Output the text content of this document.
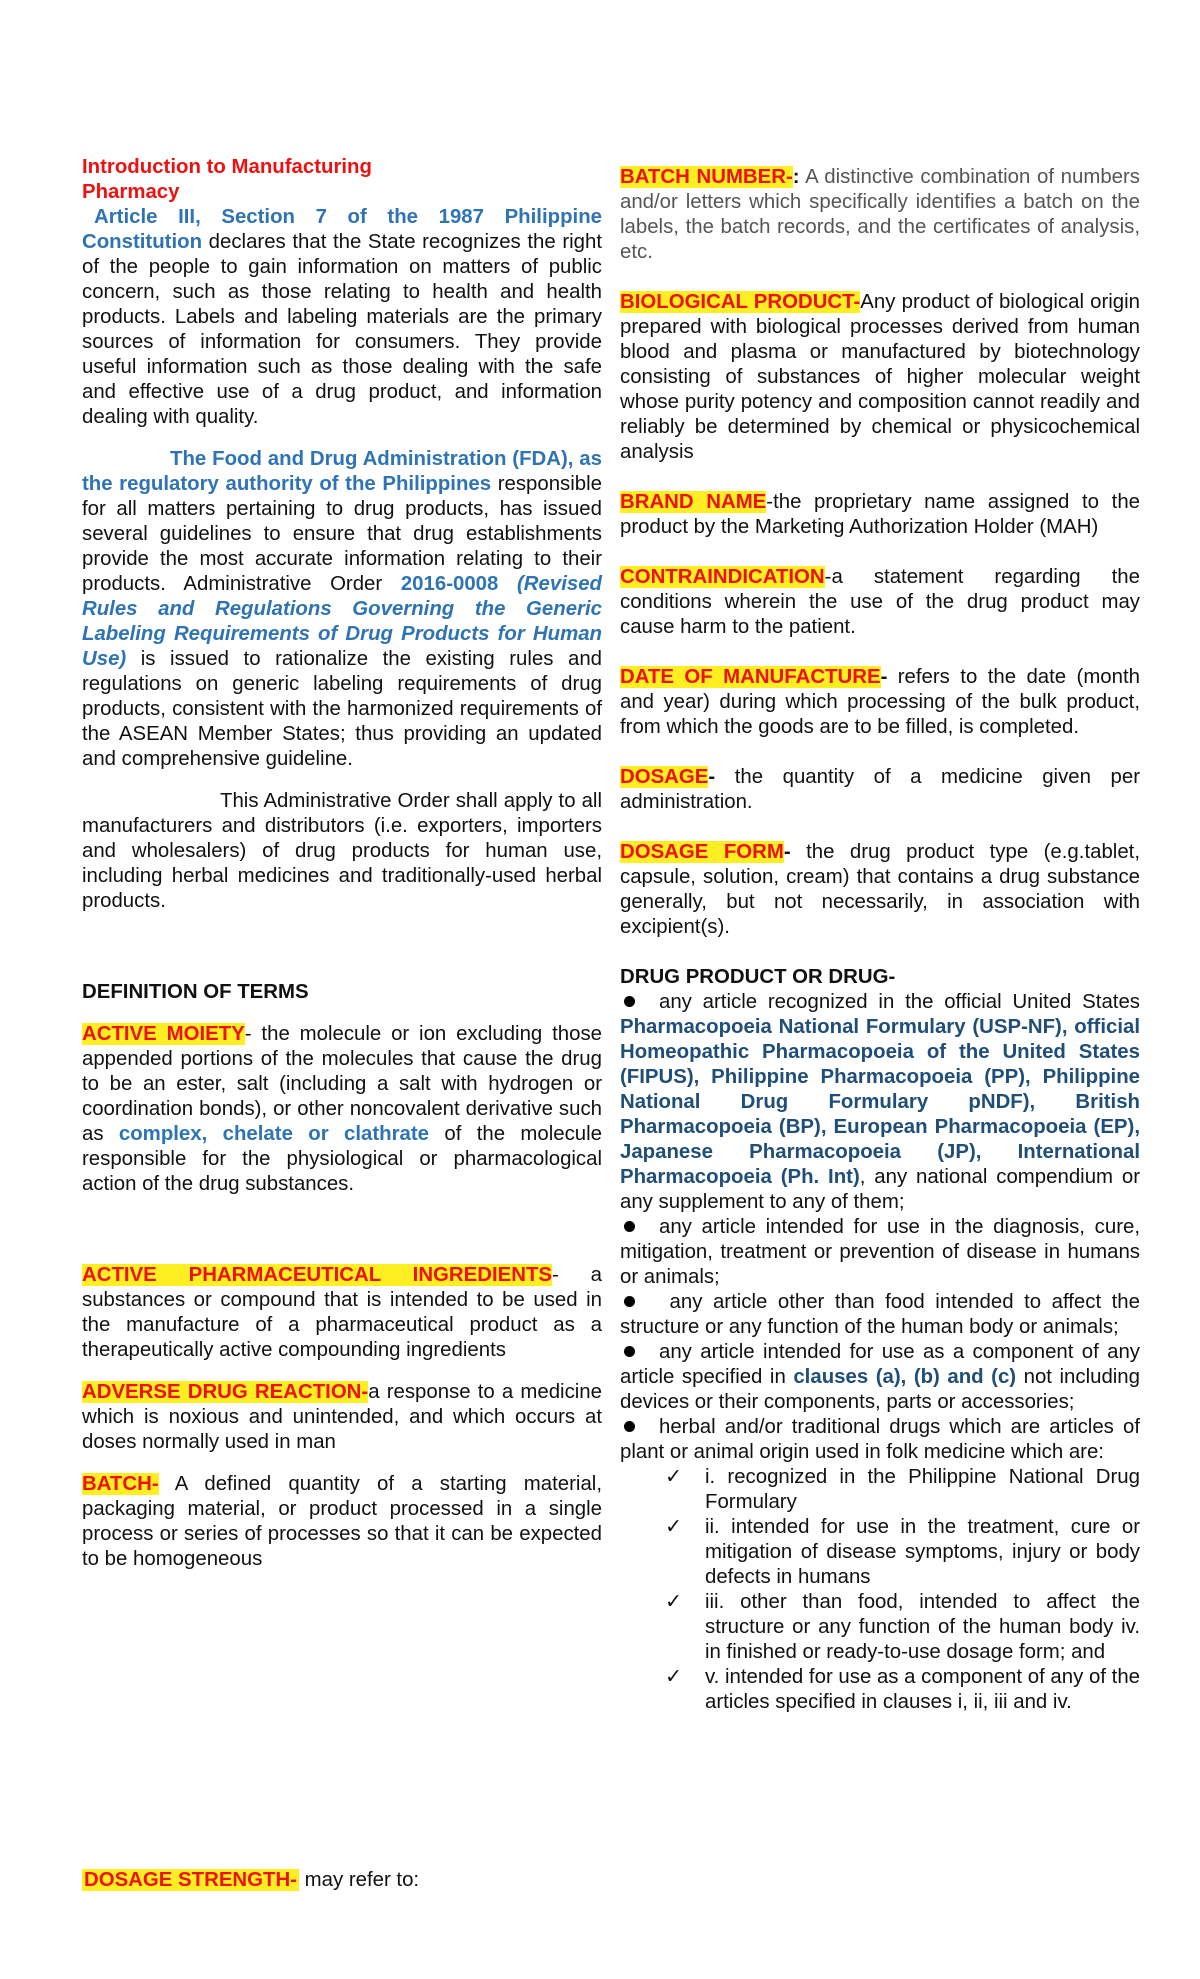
Introduction to Manufacturing
Pharmacy

Article III, Section 7 of the 1987 Philippine Constitution declares that the State recognizes the right of the people to gain information on matters of public concern, such as those relating to health and health products. Labels and labeling materials are the primary sources of information for consumers. They provide useful information such as those dealing with the safe and effective use of a drug product, and information dealing with quality.

The Food and Drug Administration (FDA), as the regulatory authority of the Philippines responsible for all matters pertaining to drug products, has issued several guidelines to ensure that drug establishments provide the most accurate information relating to their products. Administrative Order 2016-0008 (Revised Rules and Regulations Governing the Generic Labeling Requirements of Drug Products for Human Use) is issued to rationalize the existing rules and regulations on generic labeling requirements of drug products, consistent with the harmonized requirements of the ASEAN Member States; thus providing an updated and comprehensive guideline.

This Administrative Order shall apply to all manufacturers and distributors (i.e. exporters, importers and wholesalers) of drug products for human use, including herbal medicines and traditionally-used herbal products.

DEFINITION OF TERMS

ACTIVE MOIETY- the molecule or ion excluding those appended portions of the molecules that cause the drug to be an ester, salt (including a salt with hydrogen or coordination bonds), or other noncovalent derivative such as complex, chelate or clathrate of the molecule responsible for the physiological or pharmacological action of the drug substances.

ACTIVE PHARMACEUTICAL INGREDIENTS- a substances or compound that is intended to be used in the manufacture of a pharmaceutical product as a therapeutically active compounding ingredients

ADVERSE DRUG REACTION-a response to a medicine which is noxious and unintended, and which occurs at doses normally used in man

BATCH- A defined quantity of a starting material, packaging material, or product processed in a single process or series of processes so that it can be expected to be homogeneous

BATCH NUMBER-: A distinctive combination of numbers and/or letters which specifically identifies a batch on the labels, the batch records, and the certificates of analysis, etc.

BIOLOGICAL PRODUCT-Any product of biological origin prepared with biological processes derived from human blood and plasma or manufactured by biotechnology consisting of substances of higher molecular weight whose purity potency and composition cannot readily and reliably be determined by chemical or physicochemical analysis

BRAND NAME-the proprietary name assigned to the product by the Marketing Authorization Holder (MAH)

CONTRAINDICATION-a statement regarding the conditions wherein the use of the drug product may cause harm to the patient.

DATE OF MANUFACTURE- refers to the date (month and year) during which processing of the bulk product, from which the goods are to be filled, is completed.

DOSAGE- the quantity of a medicine given per administration.

DOSAGE FORM- the drug product type (e.g.tablet, capsule, solution, cream) that contains a drug substance generally, but not necessarily, in association with excipient(s).

DRUG PRODUCT OR DRUG-

any article recognized in the official United States Pharmacopoeia National Formulary (USP-NF), official Homeopathic Pharmacopoeia of the United States (FIPUS), Philippine Pharmacopoeia (PP), Philippine National Drug Formulary pNDF), British Pharmacopoeia (BP), European Pharmacopoeia (EP), Japanese Pharmacopoeia (JP), International Pharmacopoeia (Ph. Int), any national compendium or any supplement to any of them;

any article intended for use in the diagnosis, cure, mitigation, treatment or prevention of disease in humans or animals;

any article other than food intended to affect the structure or any function of the human body or animals;

any article intended for use as a component of any article specified in clauses (a), (b) and (c) not including devices or their components, parts or accessories;

herbal and/or traditional drugs which are articles of plant or animal origin used in folk medicine which are:

✓ i. recognized in the Philippine National Drug Formulary

✓ ii. intended for use in the treatment, cure or mitigation of disease symptoms, injury or body defects in humans

✓ iii. other than food, intended to affect the structure or any function of the human body iv. in finished or ready-to-use dosage form; and

✓ v. intended for use as a component of any of the articles specified in clauses i, ii, iii and iv.

DOSAGE STRENGTH- may refer to:
